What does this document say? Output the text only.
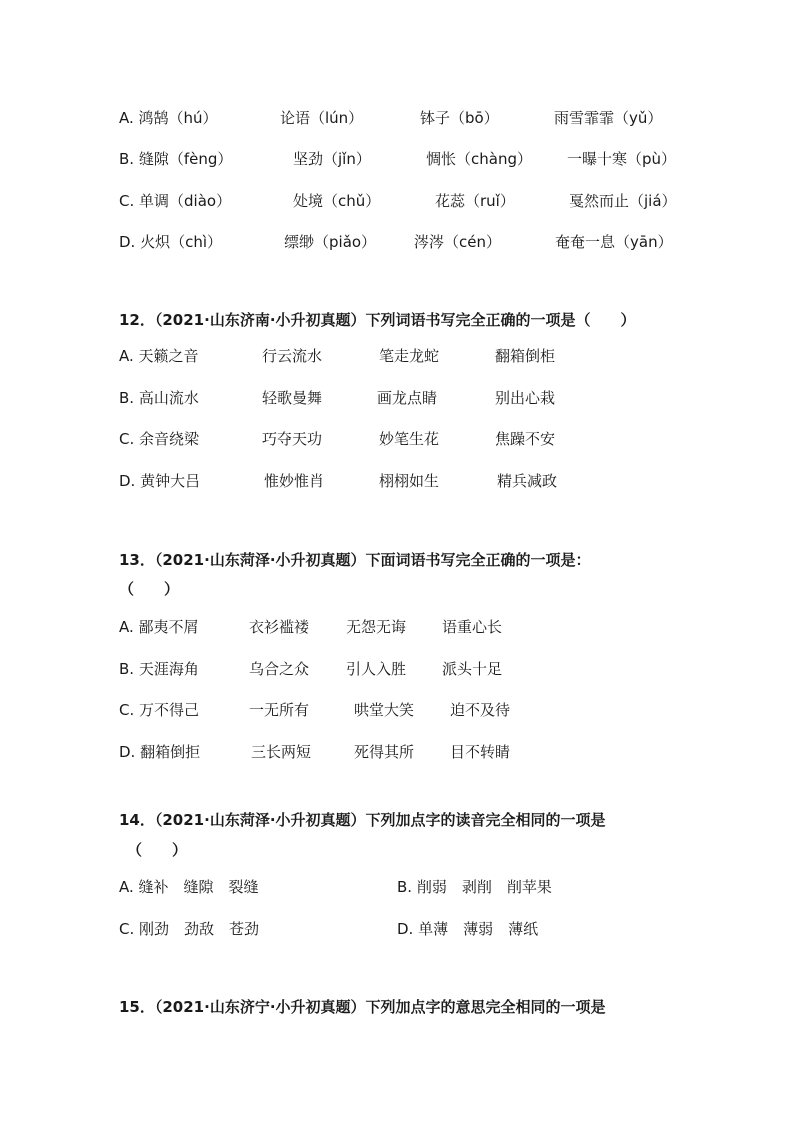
A. 鸿鹄（hú）	论语（lún）	钵子（bō）	雨雪霏霏（yǔ）
B. 缝隙（fèng）	坚劲（jǐn）	惆怅（chàng） 一曝十寒（pù）
C. 单调（diào）	处境（chǔ）	花蕊（ruǐ）	戛然而止（jiá）
D. 火炽（chì）	缥缈（piǎo）	涔涔（cén）	奄奄一息（yān）
12．（2021·山东济南·小升初真题）下列词语书写完全正确的一项是（　　）
A. 天籁之音	行云流水	笔走龙蛇	翻箱倒柜
B. 高山流水	轻歌曼舞	画龙点睛	别出心栽
C. 余音绕梁	巧夺天功	妙笔生花	焦躁不安
D. 黄钟大吕	惟妙惟肖	栩栩如生	精兵减政
13．（2021·山东菏泽·小升初真题）下面词语书写完全正确的一项是：
（　　）
A. 鄙夷不屑	衣衫褴褛 无怨无诲 语重心长
B. 天涯海角	乌合之众 引人入胜 派头十足
C. 万不得己	一无所有	哄堂大笑 迫不及待
D. 翻箱倒拒	三长两短	死得其所 目不转睛
14．（2021·山东菏泽·小升初真题）下列加点字的读音完全相同的一项是
（　　）
A. 缝补　缝隙　裂缝	B. 削弱　剥削　削苹果
C. 刚劲　劲敌　苍劲	D. 单薄　薄弱　薄纸
15．（2021·山东济宁·小升初真题）下列加点字的意思完全相同的一项是
